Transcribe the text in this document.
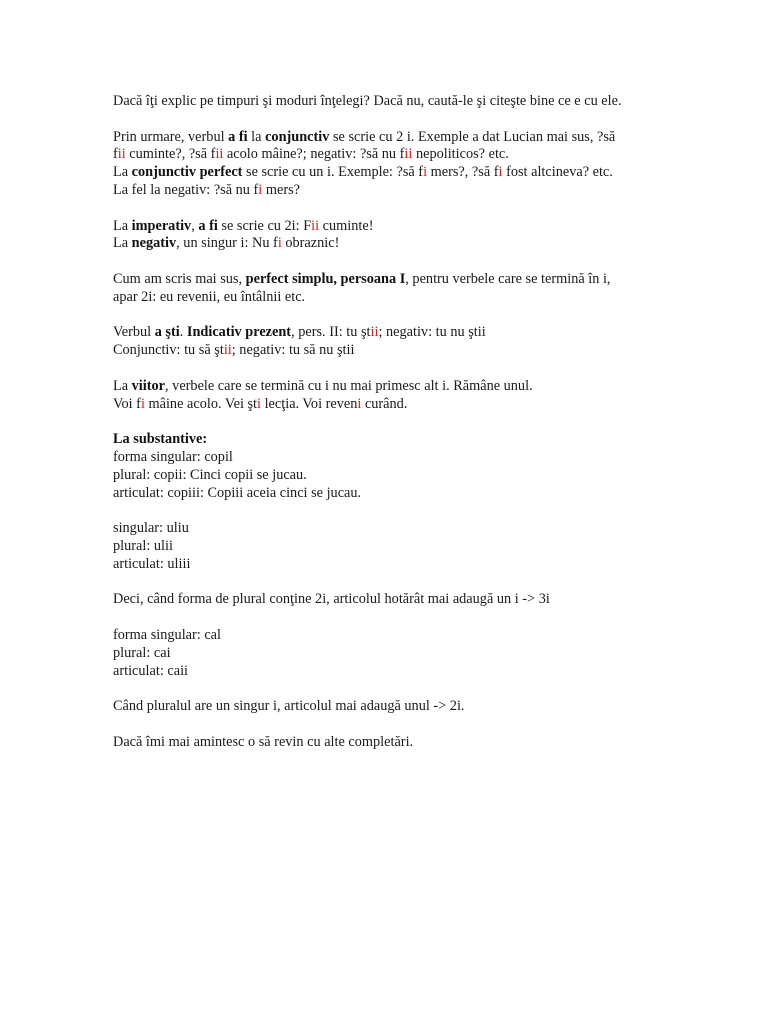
Dacă îţi explic pe timpuri şi moduri înţelegi? Dacă nu, caută-le şi citeşte bine ce e cu ele.
Prin urmare, verbul a fi la conjunctiv se scrie cu 2 i. Exemple a dat Lucian mai sus, ?să
fii cuminte?, ?să fii acolo mâine?; negativ: ?să nu fii nepoliticos? etc.
La conjunctiv perfect se scrie cu un i. Exemple: ?să fi mers?, ?să fi fost altcineva? etc.
La fel la negativ: ?să nu fi mers?
La imperativ, a fi se scrie cu 2i: Fii cuminte!
La negativ, un singur i: Nu fi obraznic!
Cum am scris mai sus, perfect simplu, persoana I, pentru verbele care se termină în i,
apar 2i: eu revenii, eu întâlnii etc.
Verbul a şti. Indicativ prezent, pers. II: tu ştii; negativ: tu nu ştii
Conjunctiv: tu să ştii; negativ: tu să nu ştii
La viitor, verbele care se termină cu i nu mai primesc alt i. Rămâne unul.
Voi fi mâine acolo. Vei şti lecţia. Voi reveni curând.
La substantive:
forma singular: copil
plural: copii: Cinci copii se jucau.
articulat: copiii: Copiii aceia cinci se jucau.
singular: uliu
plural: ulii
articulat: uliii
Deci, când forma de plural conţine 2i, articolul hotărât mai adaugă un i -> 3i
forma singular: cal
plural: cai
articulat: caii
Când pluralul are un singur i, articolul mai adaugă unul -> 2i.
Dacă îmi mai amintesc o să revin cu alte completări.
